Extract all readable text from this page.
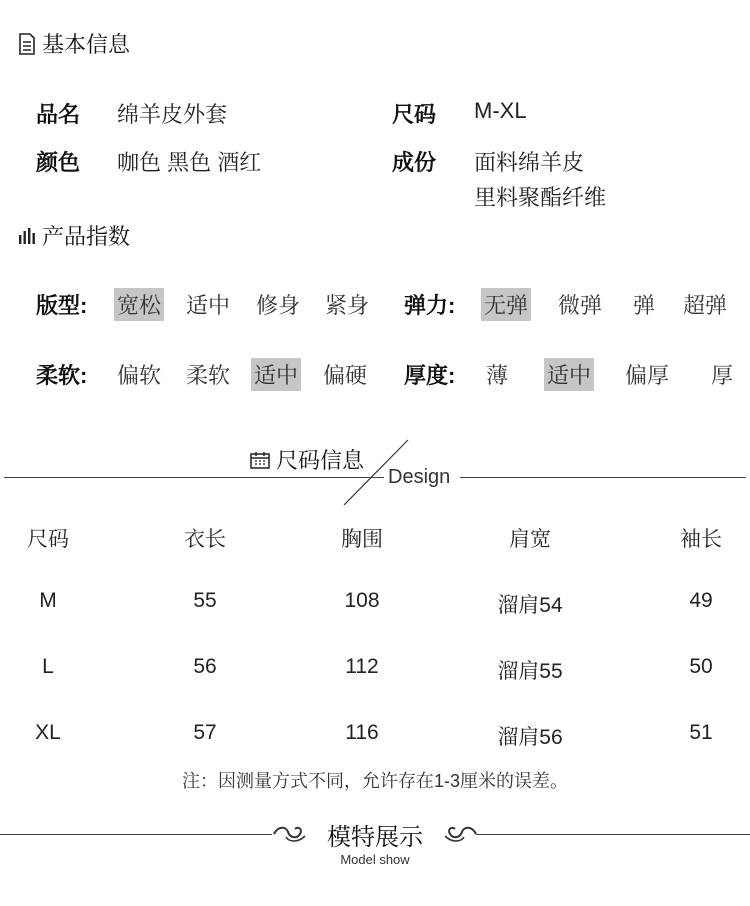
基本信息
品名 绵羊皮外套
颜色 咖色 黑色 酒红
尺码 M-XL
成份 面料绵羊皮
里料聚酯纤维
产品指数
版型: 宽松 适中 修身 紧身 弹力: 无弹 微弹 弹 超弹
柔软: 偏软 柔软 适中 偏硬 厚度: 薄 适中 偏厚 厚
尺码信息
Design
尺码	衣长	胸围	肩宽	袖长
M	55	108	溜肩54	49
L	56	112	溜肩55	50
XL	57	116	溜肩56	51
注：因测量方式不同，允许存在1-3厘米的误差。
模特展示
Model show
